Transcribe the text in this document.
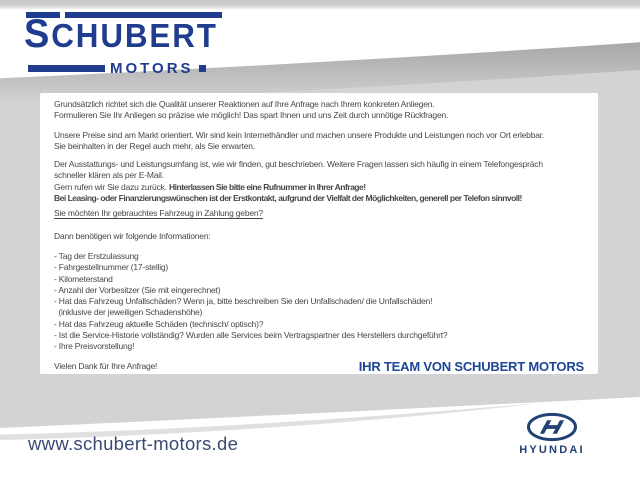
SCHUBERT
MOTORS

Grundsätzlich richtet sich die Qualität unserer Reaktionen auf Ihre Anfrage nach Ihrem konkreten Anliegen.
Formulieren Sie Ihr Anliegen so präzise wie möglich! Das spart Ihnen und uns Zeit durch unnötige Rückfragen.

Unsere Preise sind am Markt orientiert. Wir sind kein Internethändler und machen unsere Produkte und Leistungen noch vor Ort erlebbar.
Sie beinhalten in der Regel auch mehr, als Sie erwarten.

Der Ausstattungs- und Leistungsumfang ist, wie wir finden, gut beschrieben. Weitere Fragen lassen sich häufig in einem Telefongespräch
schneller klären als per E-Mail.
Gern rufen wir Sie dazu zurück. Hinterlassen Sie bitte eine Rufnummer in Ihrer Anfrage!
Bei Leasing- oder Finanzierungswünschen ist der Erstkontakt, aufgrund der Vielfalt der Möglichkeiten, generell per Telefon sinnvoll!

Sie möchten Ihr gebrauchtes Fahrzeug in Zahlung geben?
Dann benötigen wir folgende Informationen:
- Tag der Erstzulassung
- Fahrgestellnummer (17-stellig)
- Kilometerstand
- Anzahl der Vorbesitzer (Sie mit eingerechnet)
- Hat das Fahrzeug Unfallschäden? Wenn ja, bitte beschreiben Sie den Unfallschaden/ die Unfallschäden!
(inklusive der jeweiligen Schadenshöhe)
- Hat das Fahrzeug aktuelle Schäden (technisch/ optisch)?
- Ist die Service-Historie vollständig? Wurden alle Services beim Vertragspartner des Herstellers durchgeführt?
- Ihre Preisvorstellung!
Vielen Dank für Ihre Anfrage!	IHR TEAM VON SCHUBERT MOTORS
www.schubert-motors.de	HYUNDAI
